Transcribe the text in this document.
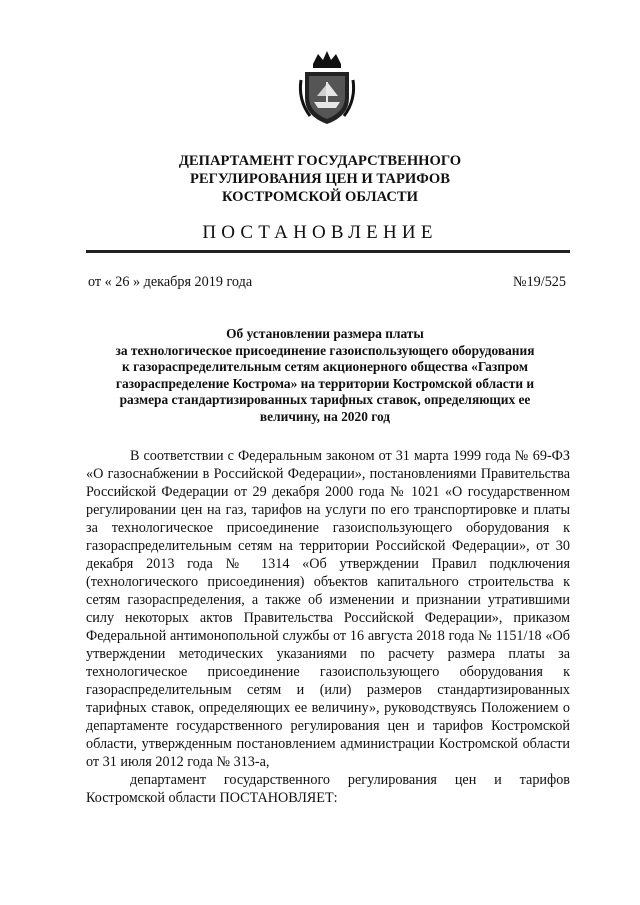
ДЕПАРТАМЕНТ ГОСУДАРСТВЕННОГО
РЕГУЛИРОВАНИЯ ЦЕН И ТАРИФОВ
КОСТРОМСКОЙ ОБЛАСТИ
ПОСТАНОВЛЕНИЕ
от « 26 » декабря 2019 года	№19/525
Об установлении размера платы
за технологическое присоединение газоиспользующего оборудования
к газораспределительным сетям акционерного общества «Газпром
газораспределение Кострома» на территории Костромской области и
размера стандартизированных тарифных ставок, определяющих ее
величину, на 2020 год

В соответствии с Федеральным законом от 31 марта 1999 года № 69-ФЗ «О газоснабжении в Российской Федерации», постановлениями Правительства Российской Федерации от 29 декабря 2000 года № 1021 «О государственном регулировании цен на газ, тарифов на услуги по его транспортировке и платы за технологическое присоединение газоиспользующего оборудования к газораспределительным сетям на территории Российской Федерации», от 30 декабря 2013 года № 1314 «Об утверждении Правил подключения (технологического присоединения) объектов капитального строительства к сетям газораспределения, а также об изменении и признании утратившими силу некоторых актов Правительства Российской Федерации», приказом Федеральной антимонопольной службы от 16 августа 2018 года № 1151/18 «Об утверждении методических указаниями по расчету размера платы за технологическое присоединение газоиспользующего оборудования к газораспределительным сетям и (или) размеров стандартизированных тарифных ставок, определяющих ее величину», руководствуясь Положением о департаменте государственного регулирования цен и тарифов Костромской области, утвержденным постановлением администрации Костромской области от 31 июля 2012 года № 313-а,

департамент государственного регулирования цен и тарифов Костромской области ПОСТАНОВЛЯЕТ:
